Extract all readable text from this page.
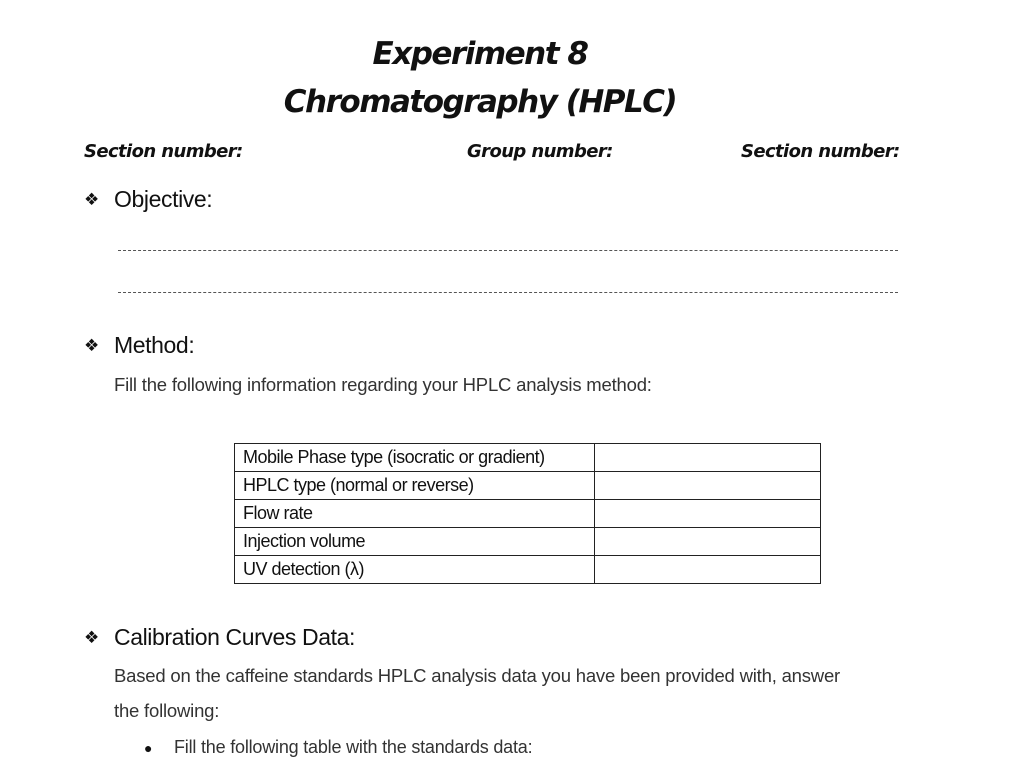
Experiment 8
Chromatography (HPLC)
Section number:	Group number:	Section number:
❖ Objective:
❖ Method:
Fill the following information regarding your HPLC analysis method:
Mobile Phase type (isocratic or gradient)	
HPLC type (normal or reverse)	
Flow rate	
Injection volume	
UV detection (λ)	
❖ Calibration Curves Data:
Based on the caffeine standards HPLC analysis data you have been provided with, answer
the following:
●	Fill the following table with the standards data:
